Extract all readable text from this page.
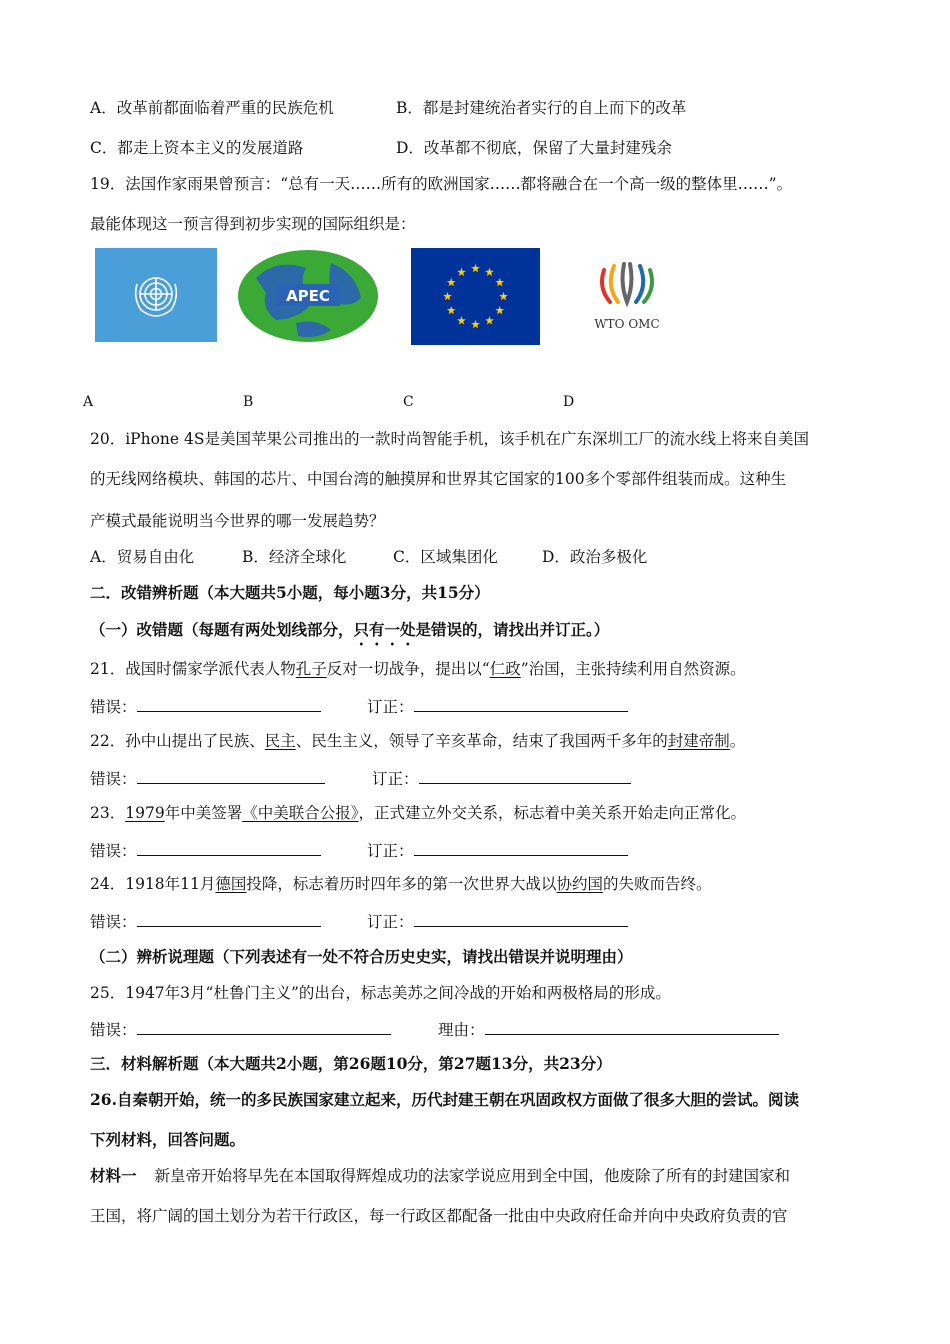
A．改革前都面临着严重的民族危机	B．都是封建统治者实行的自上而下的改革
C．都走上资本主义的发展道路	D．改革都不彻底，保留了大量封建残余
19．法国作家雨果曾预言：“总有一天……所有的欧洲国家……都将融合在一个高一级的整体里……”。
最能体现这一预言得到初步实现的国际组织是：
APEC
WTO OMC
A	B	C	D
20．iPhone 4S是美国苹果公司推出的一款时尚智能手机，该手机在广东深圳工厂的流水线上将来自美国
的无线网络模块、韩国的芯片、中国台湾的触摸屏和世界其它国家的100多个零部件组装而成。这种生
产模式最能说明当今世界的哪一发展趋势？
A．贸易自由化	B．经济全球化	C．区域集团化	D．政治多极化
二．改错辨析题（本大题共5小题，每小题3分，共15分）
（一）改错题（每题有两处划线部分，只有一处是错误的，请找出并订正。）
21．战国时儒家学派代表人物孔子反对一切战争，提出以“仁政”治国，主张持续利用自然资源。
错误：	订正：
22．孙中山提出了民族、民主、民生主义，领导了辛亥革命，结束了我国两千多年的封建帝制。
错误：	订正：
23．1979年中美签署《中美联合公报》，正式建立外交关系，标志着中美关系开始走向正常化。
错误：	订正：
24．1918年11月德国投降，标志着历时四年多的第一次世界大战以协约国的失败而告终。
错误：	订正：
（二）辨析说理题（下列表述有一处不符合历史史实，请找出错误并说明理由）
25．1947年3月“杜鲁门主义”的出台，标志美苏之间冷战的开始和两极格局的形成。
错误：	理由：
三．材料解析题（本大题共2小题，第26题10分，第27题13分，共23分）
26.自秦朝开始，统一的多民族国家建立起来，历代封建王朝在巩固政权方面做了很多大胆的尝试。阅读
下列材料，回答问题。
材料一 新皇帝开始将早先在本国取得辉煌成功的法家学说应用到全中国，他废除了所有的封建国家和
王国，将广阔的国土划分为若干行政区，每一行政区都配备一批由中央政府任命并向中央政府负责的官
